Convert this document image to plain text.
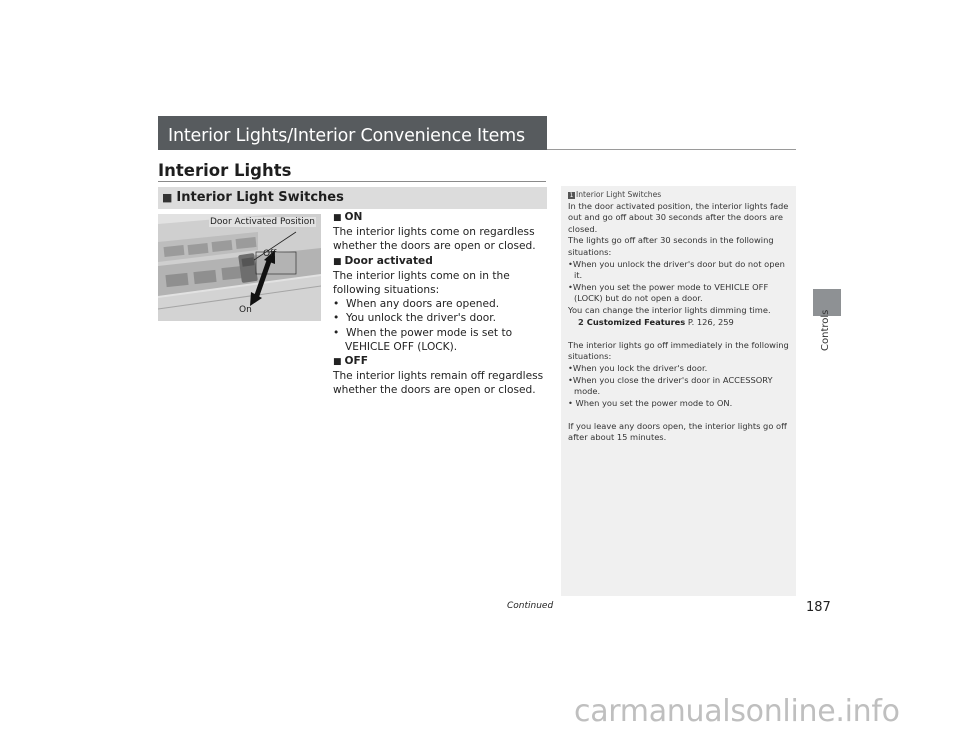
Interior Lights/Interior Convenience Items
Interior Lights
■ Interior Light Switches
Door Activated Position
Off
On

■ ON

The interior lights come on regardless whether the doors are open or closed.

■ Door activated

The interior lights come on in the following situations:

• When any doors are opened.

• You unlock the driver's door.

• When the power mode is set to VEHICLE OFF (LOCK).

■ OFF

The interior lights remain off regardless whether the doors are open or closed.

1 Interior Light Switches

In the door activated position, the interior lights fade out and go off about 30 seconds after the doors are closed.

The lights go off after 30 seconds in the following situations:

•When you unlock the driver's door but do not open it.

•When you set the power mode to VEHICLE OFF (LOCK) but do not open a door.

You can change the interior lights dimming time.

2 Customized Features P. 126, 259

The interior lights go off immediately in the following situations:

•When you lock the driver's door.

•When you close the driver's door in ACCESSORY mode.

• When you set the power mode to ON.

If you leave any doors open, the interior lights go off after about 15 minutes.

Controls
Continued	187
carmanualsonline.info
